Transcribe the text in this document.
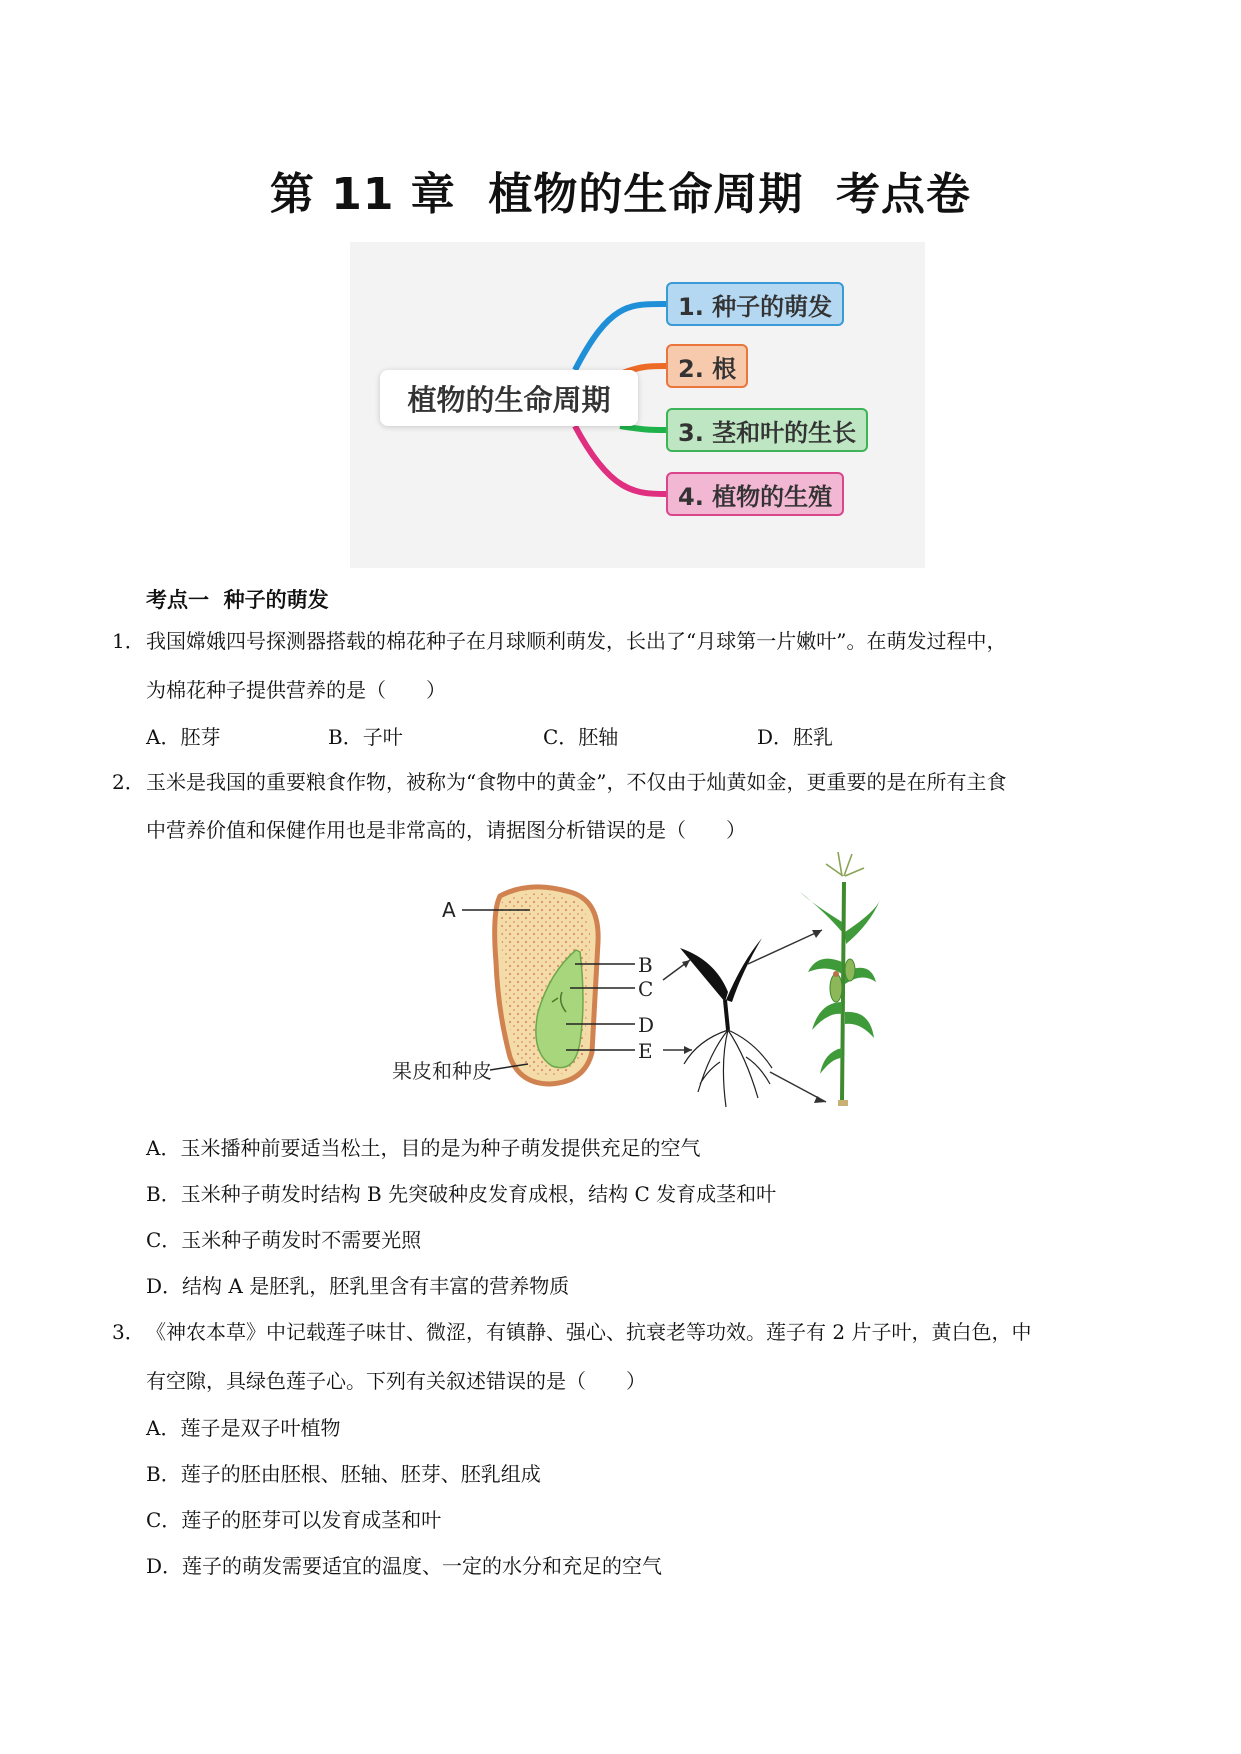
第 11 章  植物的生命周期  考点卷
植物的生命周期
1. 种子的萌发
2. 根
3. 茎和叶的生长
4. 植物的生殖
考点一  种子的萌发
1． 我国嫦娥四号探测器搭载的棉花种子在月球顺利萌发，长出了“月球第一片嫩叶”。在萌发过程中，
为棉花种子提供营养的是（　　）
A．胚芽	B．子叶	C．胚轴	D．胚乳
2． 玉米是我国的重要粮食作物，被称为“食物中的黄金”，不仅由于灿黄如金，更重要的是在所有主食
中营养价值和保健作用也是非常高的，请据图分析错误的是（　　）
A
B
C
D
E
果皮和种皮
A．玉米播种前要适当松土，目的是为种子萌发提供充足的空气
B．玉米种子萌发时结构 B 先突破种皮发育成根，结构 C 发育成茎和叶
C．玉米种子萌发时不需要光照
D．结构 A 是胚乳，胚乳里含有丰富的营养物质
3． 《神农本草》中记载莲子味甘、微涩，有镇静、强心、抗衰老等功效。莲子有 2 片子叶，黄白色，中
有空隙，具绿色莲子心。下列有关叙述错误的是（　　）
A．莲子是双子叶植物
B．莲子的胚由胚根、胚轴、胚芽、胚乳组成
C．莲子的胚芽可以发育成茎和叶
D．莲子的萌发需要适宜的温度、一定的水分和充足的空气
